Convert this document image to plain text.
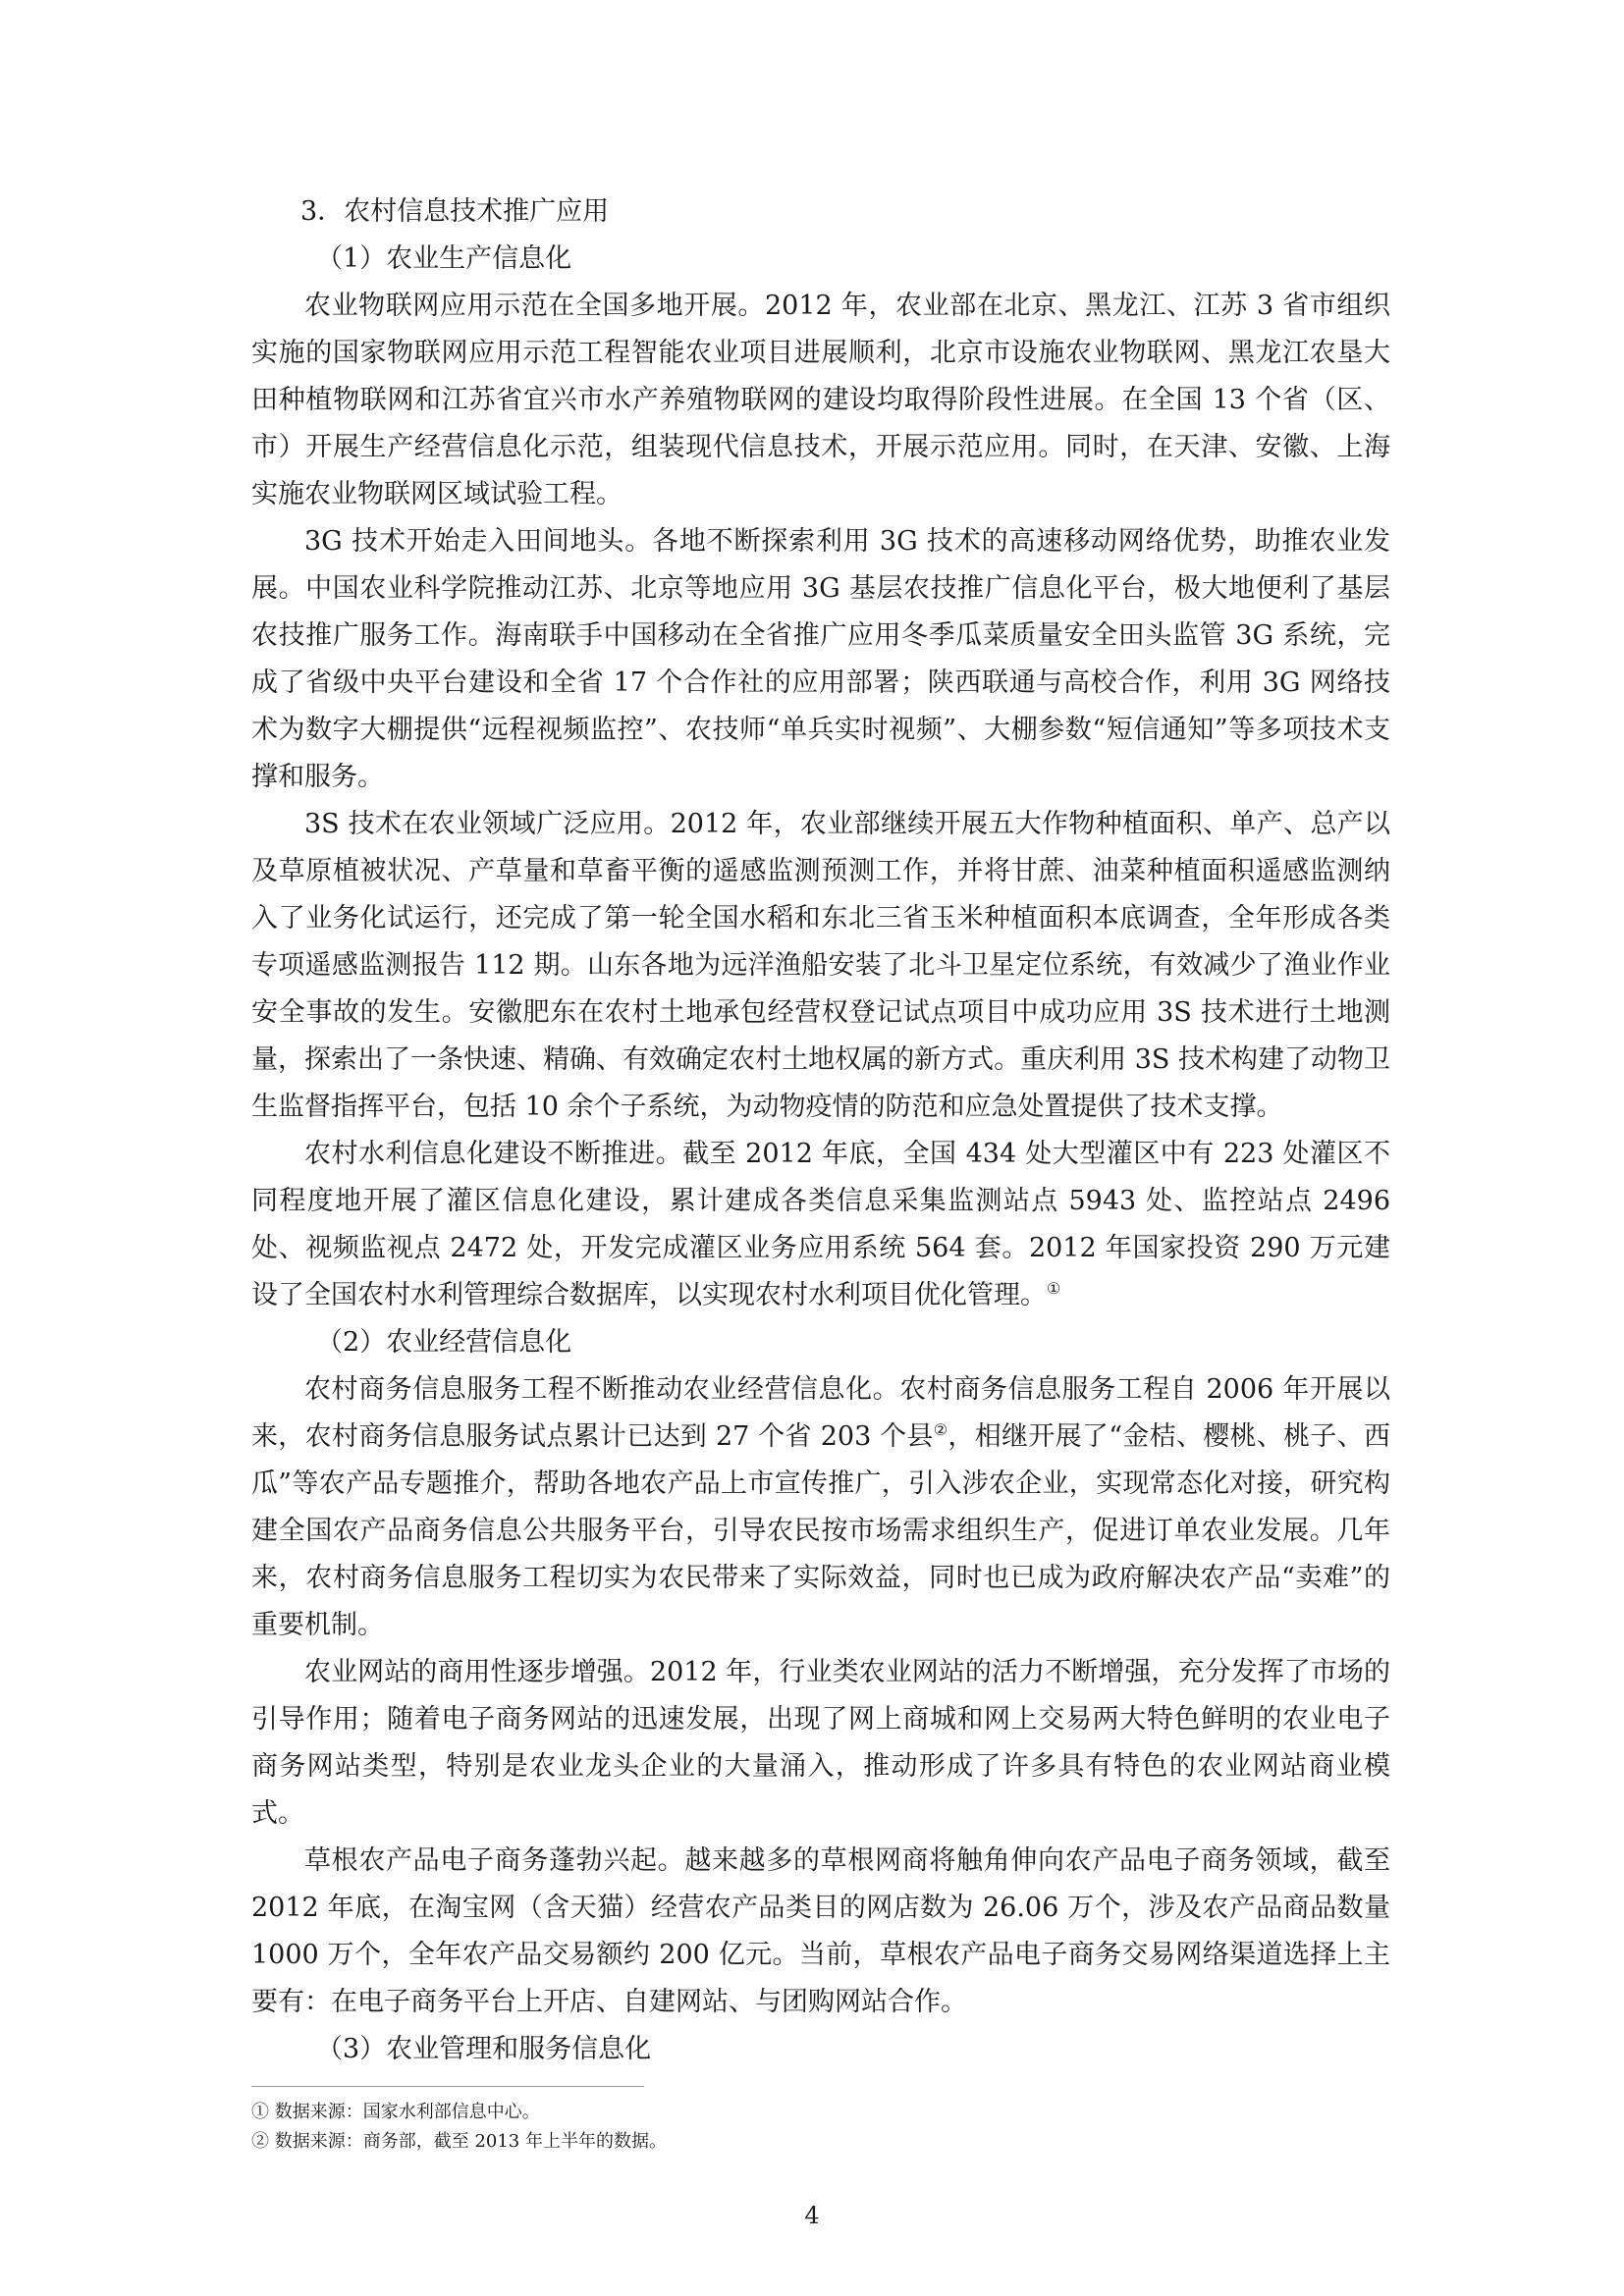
3．农村信息技术推广应用

（1）农业生产信息化

农业物联网应用示范在全国多地开展。2012 年，农业部在北京、黑龙江、江苏 3 省市组织实施的国家物联网应用示范工程智能农业项目进展顺利，北京市设施农业物联网、黑龙江农垦大田种植物联网和江苏省宜兴市水产养殖物联网的建设均取得阶段性进展。在全国 13 个省（区、市）开展生产经营信息化示范，组装现代信息技术，开展示范应用。同时，在天津、安徽、上海实施农业物联网区域试验工程。

3G 技术开始走入田间地头。各地不断探索利用 3G 技术的高速移动网络优势，助推农业发展。中国农业科学院推动江苏、北京等地应用 3G 基层农技推广信息化平台，极大地便利了基层农技推广服务工作。海南联手中国移动在全省推广应用冬季瓜菜质量安全田头监管 3G 系统，完成了省级中央平台建设和全省 17 个合作社的应用部署；陕西联通与高校合作，利用 3G 网络技术为数字大棚提供“远程视频监控”、农技师“单兵实时视频”、大棚参数“短信通知”等多项技术支撑和服务。

3S 技术在农业领域广泛应用。2012 年，农业部继续开展五大作物种植面积、单产、总产以及草原植被状况、产草量和草畜平衡的遥感监测预测工作，并将甘蔗、油菜种植面积遥感监测纳入了业务化试运行，还完成了第一轮全国水稻和东北三省玉米种植面积本底调查，全年形成各类专项遥感监测报告 112 期。山东各地为远洋渔船安装了北斗卫星定位系统，有效减少了渔业作业安全事故的发生。安徽肥东在农村土地承包经营权登记试点项目中成功应用 3S 技术进行土地测量，探索出了一条快速、精确、有效确定农村土地权属的新方式。重庆利用 3S 技术构建了动物卫生监督指挥平台，包括 10 余个子系统，为动物疫情的防范和应急处置提供了技术支撑。

农村水利信息化建设不断推进。截至 2012 年底，全国 434 处大型灌区中有 223 处灌区不同程度地开展了灌区信息化建设，累计建成各类信息采集监测站点 5943 处、监控站点 2496 处、视频监视点 2472 处，开发完成灌区业务应用系统 564 套。2012 年国家投资 290 万元建设了全国农村水利管理综合数据库，以实现农村水利项目优化管理。①

（2）农业经营信息化

农村商务信息服务工程不断推动农业经营信息化。农村商务信息服务工程自 2006 年开展以来，农村商务信息服务试点累计已达到 27 个省 203 个县②，相继开展了“金桔、樱桃、桃子、西瓜”等农产品专题推介，帮助各地农产品上市宣传推广，引入涉农企业，实现常态化对接，研究构建全国农产品商务信息公共服务平台，引导农民按市场需求组织生产，促进订单农业发展。几年来，农村商务信息服务工程切实为农民带来了实际效益，同时也已成为政府解决农产品“卖难”的重要机制。

农业网站的商用性逐步增强。2012 年，行业类农业网站的活力不断增强，充分发挥了市场的引导作用；随着电子商务网站的迅速发展，出现了网上商城和网上交易两大特色鲜明的农业电子商务网站类型，特别是农业龙头企业的大量涌入，推动形成了许多具有特色的农业网站商业模式。

草根农产品电子商务蓬勃兴起。越来越多的草根网商将触角伸向农产品电子商务领域，截至 2012 年底，在淘宝网（含天猫）经营农产品类目的网店数为 26.06 万个，涉及农产品商品数量 1000 万个，全年农产品交易额约 200 亿元。当前，草根农产品电子商务交易网络渠道选择上主要有：在电子商务平台上开店、自建网站、与团购网站合作。

（3）农业管理和服务信息化

① 数据来源：国家水利部信息中心。
② 数据来源：商务部，截至 2013 年上半年的数据。
4
